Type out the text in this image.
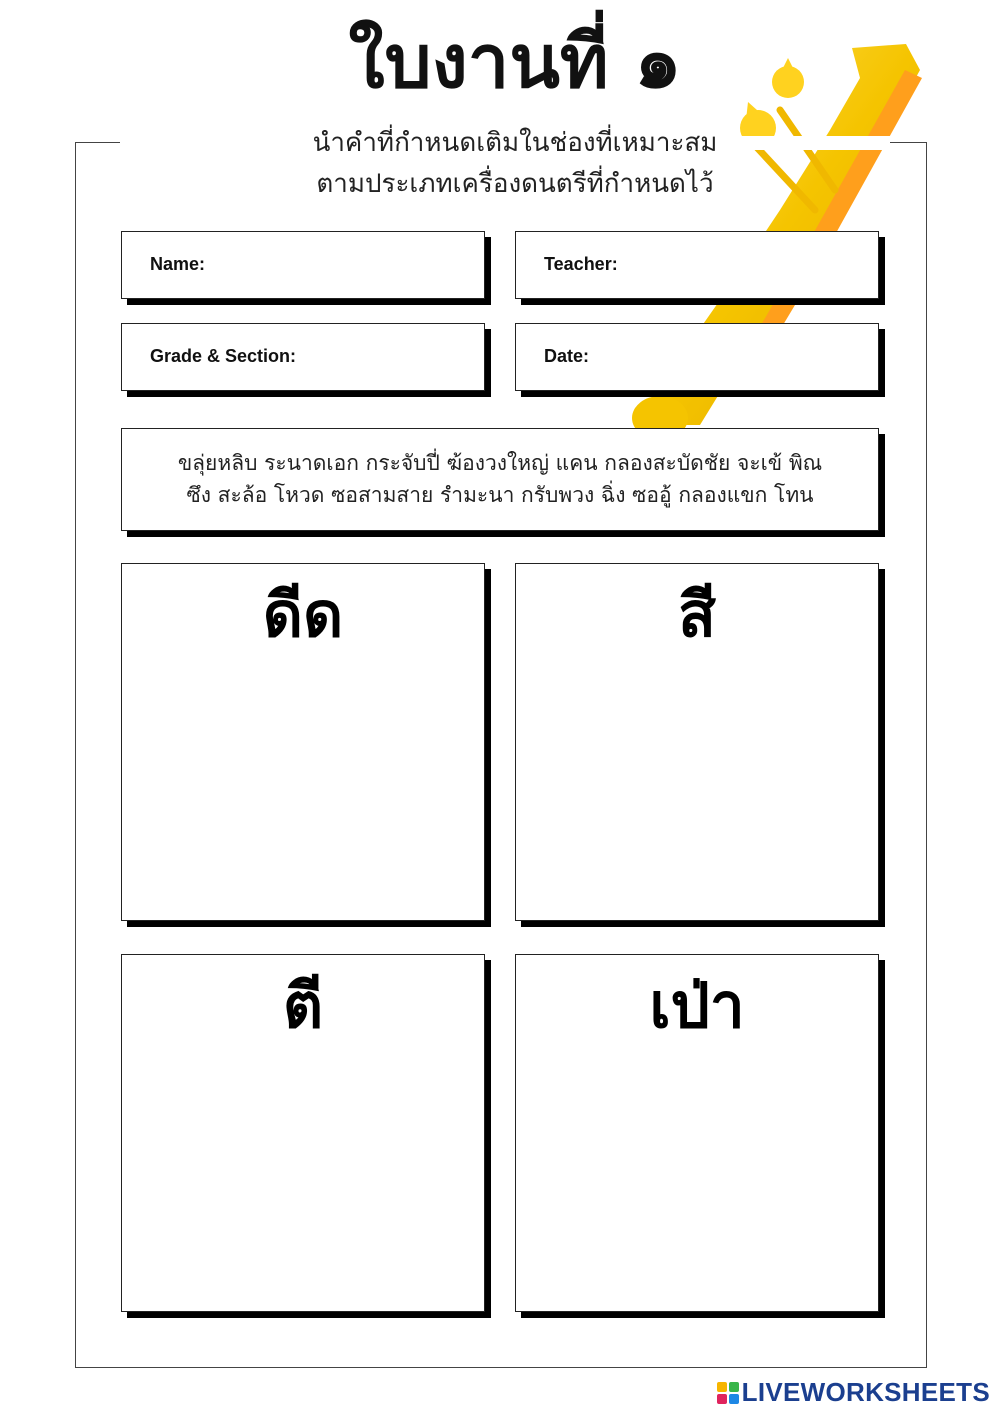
ใบงานที่ ๑
นำคำที่กำหนดเติมในช่องที่เหมาะสม
ตามประเภทเครื่องดนตรีที่กำหนดไว้
Name:	Teacher:
Grade & Section:	Date:
ขลุ่ยหลิบ ระนาดเอก กระจับปี่ ฆ้องวงใหญ่ แคน กลองสะบัดชัย จะเข้ พิณ
ซึง สะล้อ โหวด ซอสามสาย รำมะนา กรับพวง ฉิ่ง ซออู้ กลองแขก โทน
ดีด	สี
ตี	เป่า
LIVEWORKSHEETS
